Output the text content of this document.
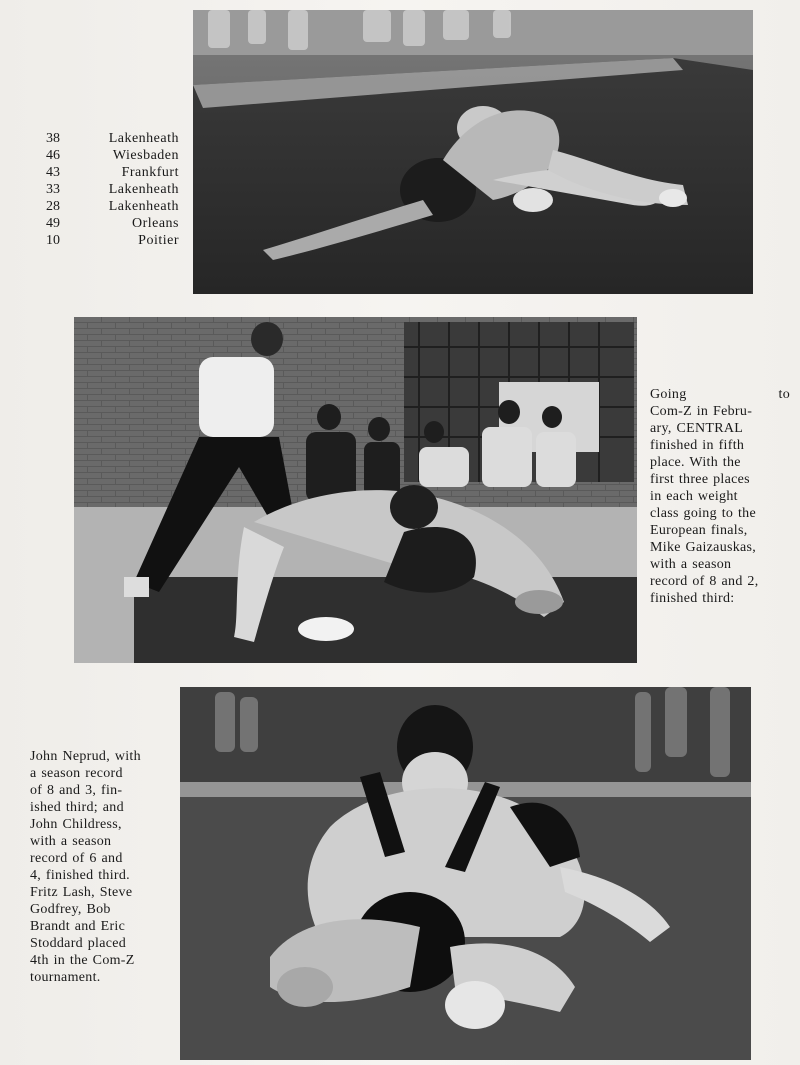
38	Lakenheath
46	Wiesbaden
43	Frankfurt
33	Lakenheath
28	Lakenheath
49	Orleans
10	Poitier
Going	to
Com-Z in Febru-
ary, CENTRAL
finished in fifth
place. With the
first three places
in each weight
class going to the
European finals,
Mike Gaizauskas,
with a season
record of 8 and 2,
finished third:
John Neprud, with
a season record
of 8 and 3, fin-
ished third; and
John Childress,
with a season
record of 6 and
4, finished third.
Fritz Lash, Steve
Godfrey, Bob
Brandt and Eric
Stoddard placed
4th in the Com-Z
tournament.
